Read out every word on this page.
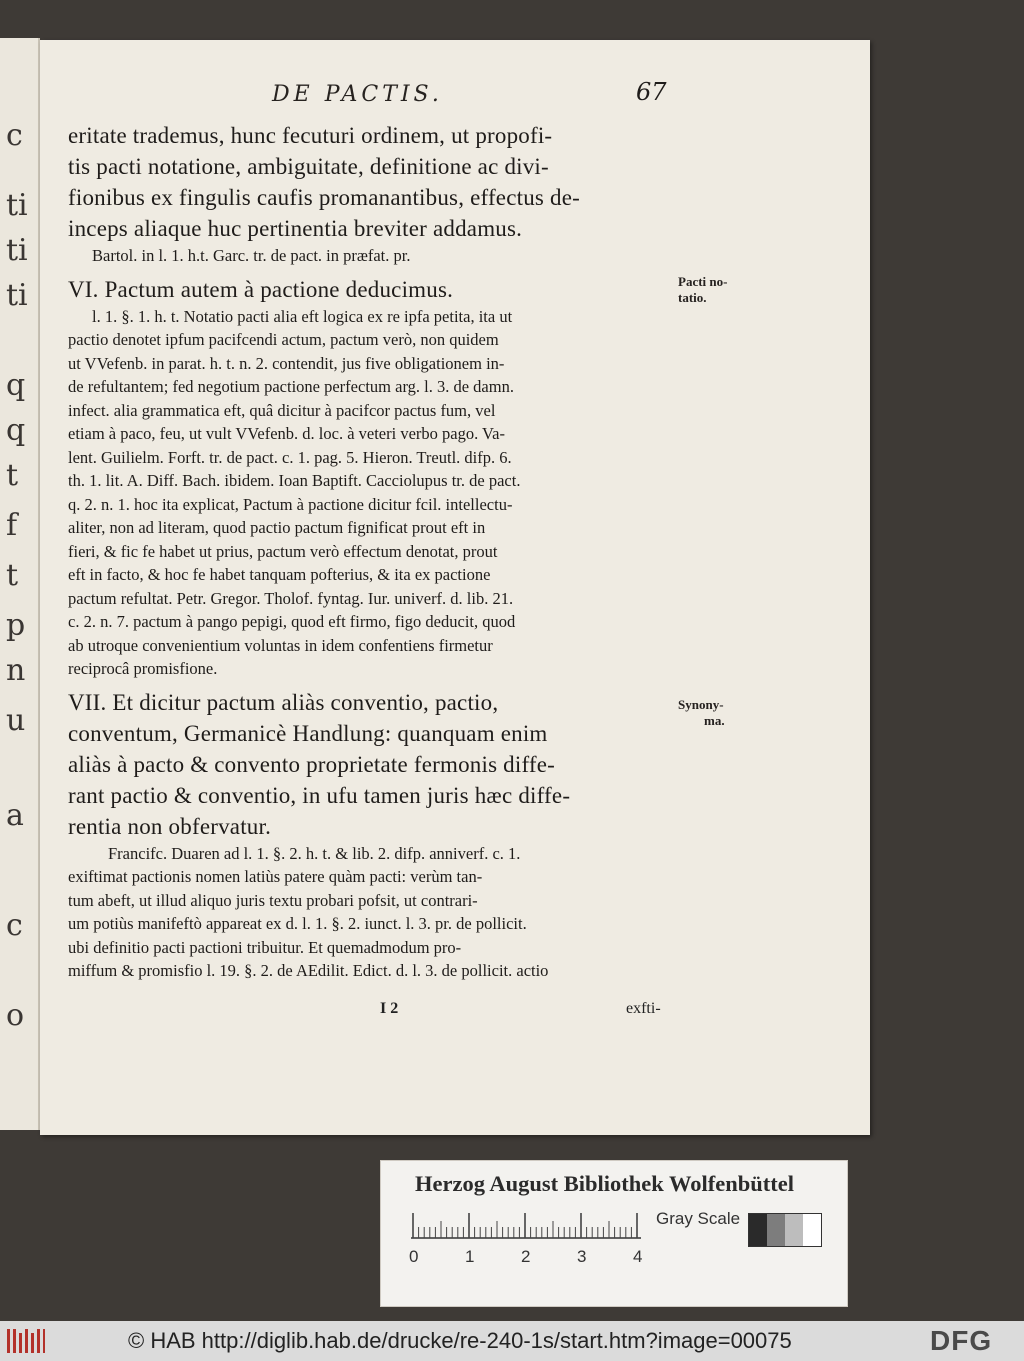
c
ti
ti
ti
q
q
t
f
t
p
n
u
a
c
o
DE PACTIS.	67
eritate trademus, hunc fecuturi ordinem, ut propofi-
tis pacti notatione, ambiguitate, definitione ac divi-
fionibus ex fingulis caufis promanantibus, effectus de-
inceps aliaque huc pertinentia breviter addamus.
Bartol. in l. 1. h.t. Garc. tr. de pact. in præfat. pr.
VI. Pactum autem à pactione deducimus.
l. 1. §. 1. h. t. Notatio pacti alia eft logica ex re ipfa petita, ita ut
pactio denotet ipfum pacifcendi actum, pactum verò, non quidem
ut VVefenb. in parat. h. t. n. 2. contendit, jus five obligationem in-
de refultantem; fed negotium pactione perfectum arg. l. 3. de damn.
infect. alia grammatica eft, quâ dicitur à pacifcor pactus fum, vel
etiam à paco, feu, ut vult VVefenb. d. loc. à veteri verbo pago. Va-
lent. Guilielm. Forft. tr. de pact. c. 1. pag. 5. Hieron. Treutl. difp. 6.
th. 1. lit. A. Diff. Bach. ibidem. Ioan Baptift. Cacciolupus tr. de pact.
q. 2. n. 1. hoc ita explicat, Pactum à pactione dicitur fcil. intellectu-
aliter, non ad literam, quod pactio pactum fignificat prout eft in
fieri, & fic fe habet ut prius, pactum verò effectum denotat, prout
eft in facto, & hoc fe habet tanquam pofterius, & ita ex pactione
pactum refultat. Petr. Gregor. Tholof. fyntag. Iur. univerf. d. lib. 21.
c. 2. n. 7. pactum à pango pepigi, quod eft firmo, figo deducit, quod
ab utroque convenientium voluntas in idem confentiens firmetur
reciprocâ promisfione.
VII. Et dicitur pactum aliàs conventio, pactio,
conventum, Germanicè Handlung: quanquam enim
aliàs à pacto & convento proprietate fermonis diffe-
rant pactio & conventio, in ufu tamen juris hæc diffe-
rentia non obfervatur.
Francifc. Duaren ad l. 1. §. 2. h. t. & lib. 2. difp. anniverf. c. 1.
exiftimat pactionis nomen latiùs patere quàm pacti: verùm tan-
tum abeft, ut illud aliquo juris textu probari pofsit, ut contrari-
um potiùs manifeftò appareat ex d. l. 1. §. 2. iunct. l. 3. pr. de pollicit.
ubi definitio pacti pactioni tribuitur. Et quemadmodum pro-
miffum & promisfio l. 19. §. 2. de AEdilit. Edict. d. l. 3. de pollicit. actio
Pacti no-
tatio.
Synony-
ma.
I 2	exfti-
Herzog August Bibliothek Wolfenbüttel
0	1	2	3	4
Gray Scale
© HAB http://diglib.hab.de/drucke/re-240-1s/start.htm?image=00075	DFG
